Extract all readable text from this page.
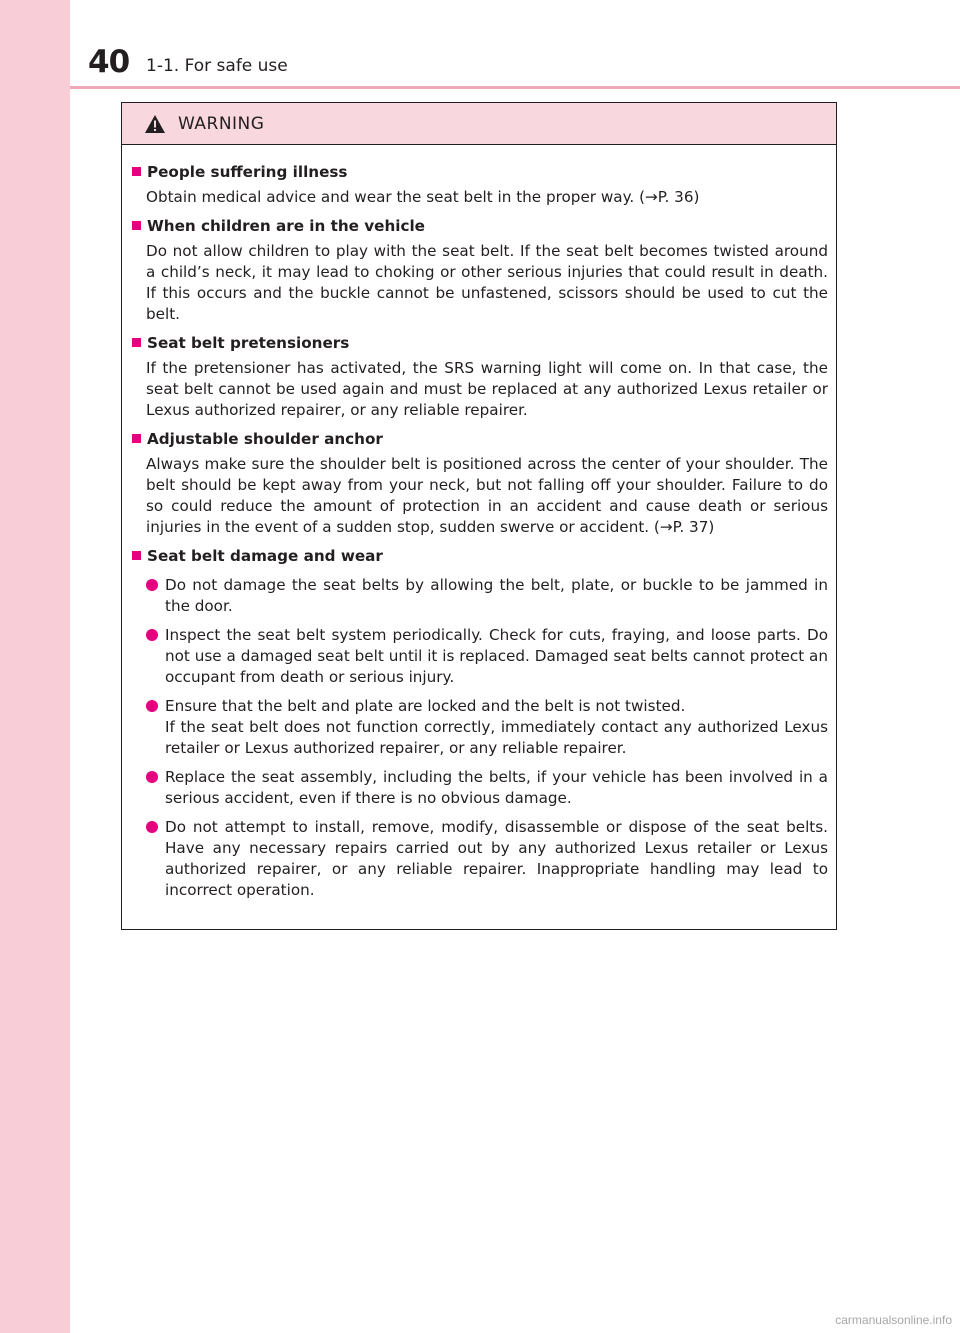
40 1-1. For safe use
WARNING
People suffering illness
Obtain medical advice and wear the seat belt in the proper way. (→P. 36)
When children are in the vehicle
Do not allow children to play with the seat belt. If the seat belt becomes twisted around a child’s neck, it may lead to choking or other serious injuries that could result in death. If this occurs and the buckle cannot be unfastened, scissors should be used to cut the belt.
Seat belt pretensioners
If the pretensioner has activated, the SRS warning light will come on. In that case, the seat belt cannot be used again and must be replaced at any authorized Lexus retailer or Lexus authorized repairer, or any reliable repairer.
Adjustable shoulder anchor
Always make sure the shoulder belt is positioned across the center of your shoulder. The belt should be kept away from your neck, but not falling off your shoulder. Failure to do so could reduce the amount of protection in an accident and cause death or serious injuries in the event of a sudden stop, sudden swerve or accident. (→P. 37)
Seat belt damage and wear
Do not damage the seat belts by allowing the belt, plate, or buckle to be jammed in the door.
Inspect the seat belt system periodically. Check for cuts, fraying, and loose parts. Do not use a damaged seat belt until it is replaced. Damaged seat belts cannot protect an occupant from death or serious injury.
Ensure that the belt and plate are locked and the belt is not twisted.
If the seat belt does not function correctly, immediately contact any authorized Lexus retailer or Lexus authorized repairer, or any reliable repairer.
Replace the seat assembly, including the belts, if your vehicle has been involved in a serious accident, even if there is no obvious damage.
Do not attempt to install, remove, modify, disassemble or dispose of the seat belts. Have any necessary repairs carried out by any authorized Lexus retailer or Lexus authorized repairer, or any reliable repairer. Inappropriate handling may lead to incorrect operation.
carmanualsonline.info
